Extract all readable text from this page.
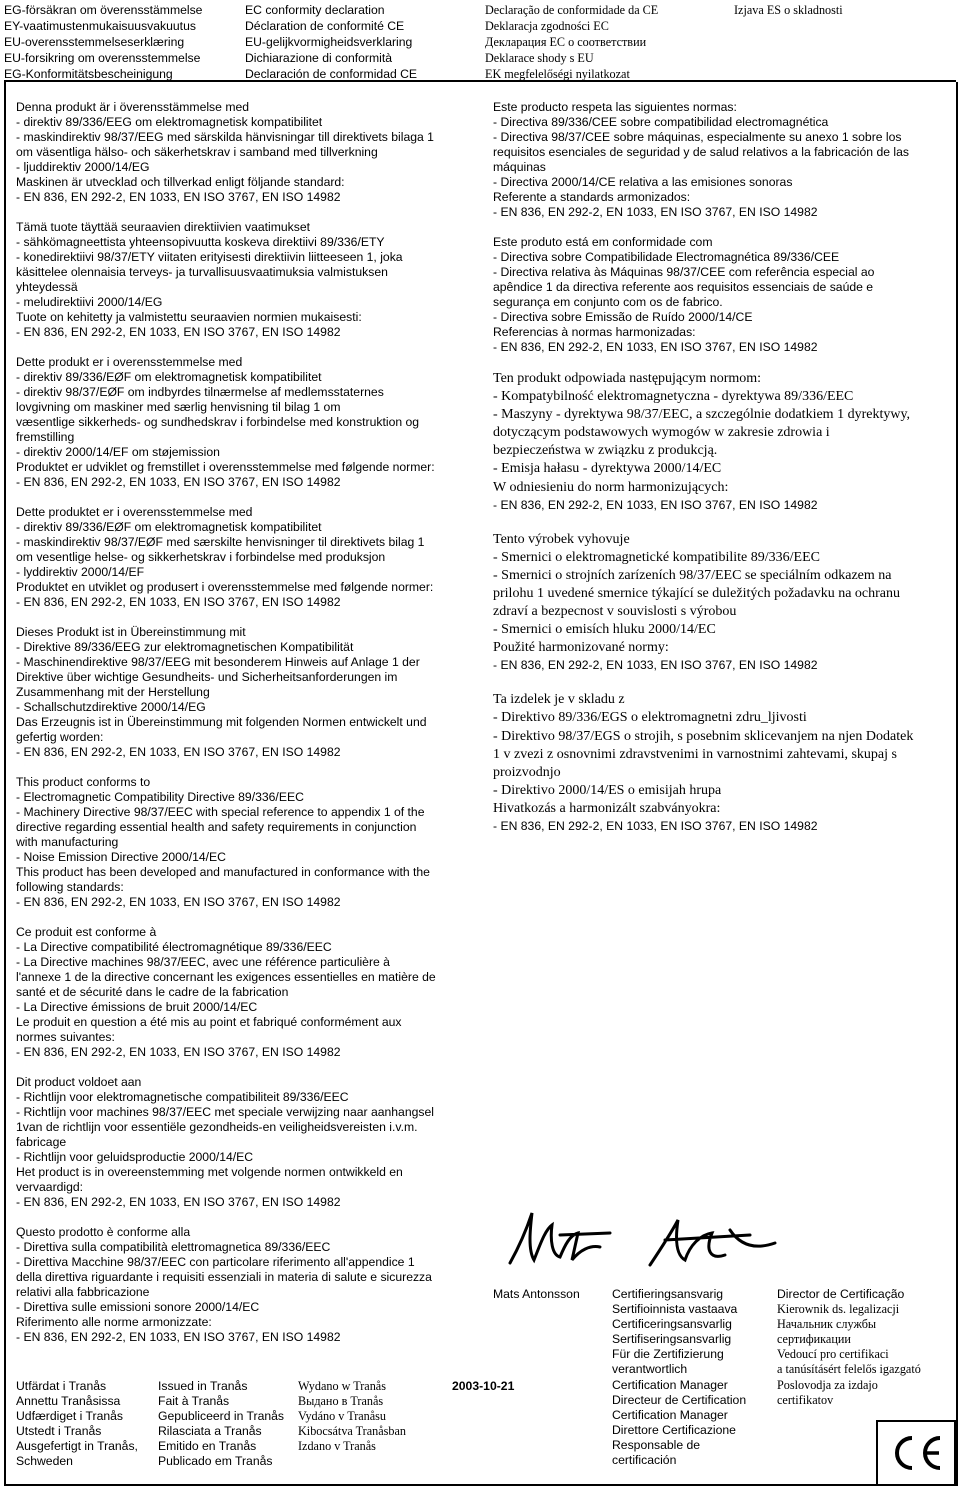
EG-försäkran om överensstämmelse
EY-vaatimustenmukaisuusvakuutus
EU-overensstemmelseserklæring
EU-forsikring om overensstemmelse
EG-Konformitätsbescheinigung
EC conformity declaration
Déclaration de conformité CE
EU-gelijkvormigheidsverklaring
Dichiarazione di conformità
Declaración de conformidad CE
Declaração de conformidade da CE
Deklaracja zgodności EC
Декларация ЕС о соответствии
Deklarace shody s EU
EK megfelelőségi nyilatkozat
Izjava ES o skladnosti
Denna produkt är i överensstämmelse med
- direktiv 89/336/EEG om elektromagnetisk kompatibilitet
- maskindirektiv 98/37/EEG med särskilda hänvisningar till direktivets bilaga 1
om väsentliga hälso- och säkerhetskrav i samband med tillverkning
- ljuddirektiv 2000/14/EG
Maskinen är utvecklad och tillverkad enligt följande standard:
- EN 836, EN 292-2, EN 1033, EN ISO 3767, EN ISO 14982
Tämä tuote täyttää seuraavien direktiivien vaatimukset
- sähkömagneettista yhteensopivuutta koskeva direktiivi 89/336/ETY
- konedirektiivi 98/37/ETY viitaten erityisesti direktiivin liitteeseen 1, joka
käsittelee olennaisia terveys- ja turvallisuusvaatimuksia valmistuksen
yhteydessä
- meludirektiivi 2000/14/EG
Tuote on kehitetty ja valmistettu seuraavien normien mukaisesti:
- EN 836, EN 292-2, EN 1033, EN ISO 3767, EN ISO 14982
Dette produkt er i overensstemmelse med
- direktiv 89/336/EØF om elektromagnetisk kompatibilitet
- direktiv 98/37/EØF om indbyrdes tilnærmelse af medlemsstaternes
lovgivning om maskiner med særlig henvisning til bilag 1 om
væsentlige sikkerheds- og sundhedskrav i forbindelse med konstruktion og
fremstilling
- direktiv 2000/14/EF om støjemission
Produktet er udviklet og fremstillet i overensstemmelse med følgende normer:
- EN 836, EN 292-2, EN 1033, EN ISO 3767, EN ISO 14982
Dette produktet er i overensstemmelse med
- direktiv 89/336/EØF om elektromagnetisk kompatibilitet
- maskindirektiv 98/37/EØF med særskilte henvisninger til direktivets bilag 1
om vesentlige helse- og sikkerhetskrav i forbindelse med produksjon
- lyddirektiv 2000/14/EF
Produktet en utviklet og produsert i overensstemmelse med følgende normer:
- EN 836, EN 292-2, EN 1033, EN ISO 3767, EN ISO 14982
Dieses Produkt ist in Übereinstimmung mit
- Direktive 89/336/EEG zur elektromagnetischen Kompatibilität
- Maschinendirektive 98/37/EEG mit besonderem Hinweis auf Anlage 1 der
Direktive über wichtige Gesundheits- und Sicherheitsanforderungen im
Zusammenhang mit der Herstellung
- Schallschutzdirektive 2000/14/EG
Das Erzeugnis ist in Übereinstimmung mit folgenden Normen entwickelt und
gefertig worden:
- EN 836, EN 292-2, EN 1033, EN ISO 3767, EN ISO 14982
This product conforms to
- Electromagnetic Compatibility Directive 89/336/EEC
- Machinery Directive 98/37/EEC with special reference to appendix 1 of the
directive regarding essential health and safety requirements in conjunction
with manufacturing
- Noise Emission Directive 2000/14/EC
This product has been developed and manufactured in conformance with the
following standards:
- EN 836, EN 292-2, EN 1033, EN ISO 3767, EN ISO 14982
Ce produit est conforme à
- La Directive compatibilité électromagnétique 89/336/EEC
- La Directive machines 98/37/EEC, avec une référence particulière à
l'annexe 1 de la directive concernant les exigences essentielles en matière de
santé et de sécurité dans le cadre de la fabrication
- La Directive émissions de bruit 2000/14/EC
Le produit en question a été mis au point et fabriqué conformément aux
normes suivantes:
- EN 836, EN 292-2, EN 1033, EN ISO 3767, EN ISO 14982
Dit product voldoet aan
- Richtlijn voor elektromagnetische compatibiliteit 89/336/EEC
- Richtlijn voor machines 98/37/EEC met speciale verwijzing naar aanhangsel
1van de richtlijn voor essentiële gezondheids-en veiligheidsvereisten i.v.m.
fabricage
- Richtlijn voor geluidsproductie 2000/14/EC
Het product is in overeenstemming met volgende normen ontwikkeld en
vervaardigd:
- EN 836, EN 292-2, EN 1033, EN ISO 3767, EN ISO 14982
Questo prodotto è conforme alla
- Direttiva sulla compatibilità elettromagnetica 89/336/EEC
- Direttiva Macchine 98/37/EEC con particolare riferimento all'appendice 1
della direttiva riguardante i requisiti essenziali in materia di salute e sicurezza
relativi alla fabbricazione
- Direttiva sulle emissioni sonore 2000/14/EC
Riferimento alle norme armonizzate:
- EN 836, EN 292-2, EN 1033, EN ISO 3767, EN ISO 14982
Este producto respeta las siguientes normas:
- Directiva 89/336/CEE sobre compatibilidad electromagnética
- Directiva 98/37/CEE sobre máquinas, especialmente su anexo 1 sobre los
requisitos esenciales de seguridad y de salud relativos a la fabricación de las
máquinas
- Directiva 2000/14/CE relativa a las emisiones sonoras
Referente a standards armonizados:
- EN 836, EN 292-2, EN 1033, EN ISO 3767, EN ISO 14982
Este produto está em conformidade com
- Directiva sobre Compatibilidade Electromagnética 89/336/CEE
- Directiva relativa às Máquinas 98/37/CEE com referência especial ao
apêndice 1 da directiva referente aos requisitos essenciais de saúde e
segurança em conjunto com os de fabrico.
- Directiva sobre Emissão de Ruído 2000/14/CE
Referencias à normas harmonizadas:
- EN 836, EN 292-2, EN 1033, EN ISO 3767, EN ISO 14982
Ten produkt odpowiada następującym normom:
- Kompatybilność elektromagnetyczna - dyrektywa 89/336/EEC
- Maszyny - dyrektywa 98/37/EEC, a szczególnie dodatkiem 1 dyrektywy,
dotyczącym podstawowych wymogów w zakresie zdrowia i
bezpieczeństwa w związku z produkcją.
- Emisja hałasu - dyrektywa 2000/14/EC
W odniesieniu do norm harmonizujących:
- EN 836, EN 292-2, EN 1033, EN ISO 3767, EN ISO 14982
Tento výrobek vyhovuje
- Smernici o elektromagnetické kompatibilite 89/336/EEC
- Smernici o strojních zarízeních 98/37/EEC se speciálním odkazem na
prilohu 1 uvedené smernice týkající se duležitých požadavku na ochranu
zdraví a bezpecnost v souvislosti s výrobou
- Smernici o emisích hluku 2000/14/EC
Použité harmonizované normy:
- EN 836, EN 292-2, EN 1033, EN ISO 3767, EN ISO 14982
Ta izdelek je v skladu z
- Direktivo 89/336/EGS o elektromagnetni zdru_ljivosti
- Direktivo 98/37/EGS o strojih, s posebnim sklicevanjem na njen Dodatek
1 v zvezi z osnovnimi zdravstvenimi in varnostnimi zahtevami, skupaj s
proizvodnjo
- Direktivo 2000/14/ES o emisijah hrupa
Hivatkozás a harmonizált szabványokra:
- EN 836, EN 292-2, EN 1033, EN ISO 3767, EN ISO 14982
Mats Antonsson	Certifieringsansvarig
Sertifioinnista vastaava
Certificeringsansvarlig
Sertifiseringsansvarlig
Für die Zertifizierung
verantwortlich
Certification Manager
Directeur de Certification
Certification Manager
Direttore Certificazione
Responsable de
certificación
Director de Certificação
Kierownik ds. legalizacji
Начальник службы
сертификации
Vedoucí pro certifikaci
a tanúsításért felelős igazgató
Poslovodja za izdajo
certifikatov
Utfärdat i Tranås
Annettu Tranåsissa
Udfærdiget i Tranås
Utstedt i Tranås
Ausgefertigt in Tranås,
Schweden
Issued in Tranås
Fait à Tranås
Gepubliceerd in Tranås
Rilasciata a Tranås
Emitido en Tranås
Publicado em Tranås
Wydano w Tranås
Выдано в Tranås
Vydáno v Tranåsu
Kibocsátva Tranåsban
Izdano v Tranås
2003-10-21
